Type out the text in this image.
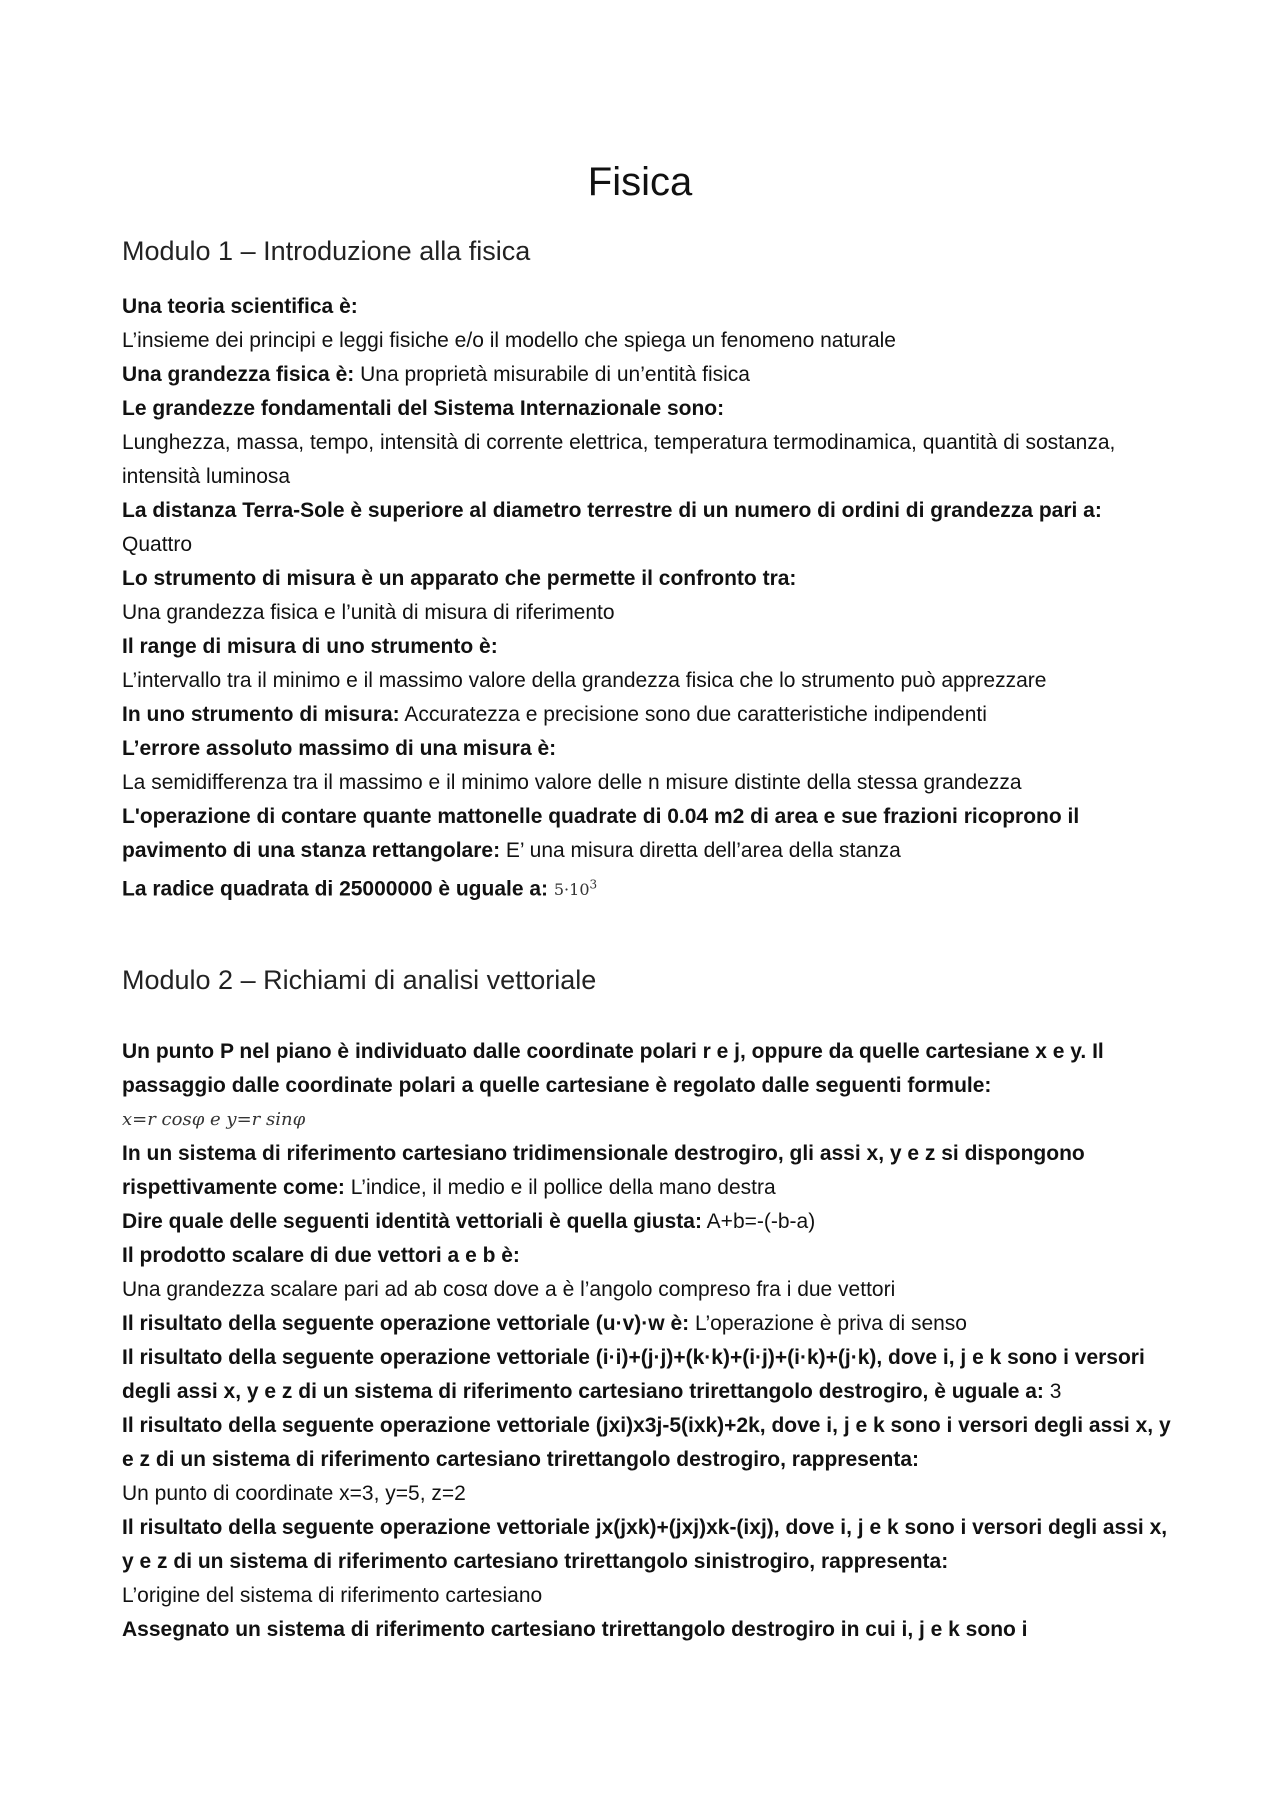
Fisica
Modulo 1 – Introduzione alla fisica

Una teoria scientifica è:

L’insieme dei principi e leggi fisiche e/o il modello che spiega un fenomeno naturale

Una grandezza fisica è: Una proprietà misurabile di un’entità fisica

Le grandezze fondamentali del Sistema Internazionale sono:

Lunghezza, massa, tempo, intensità di corrente elettrica, temperatura termodinamica, quantità di sostanza, intensità luminosa

La distanza Terra-Sole è superiore al diametro terrestre di un numero di ordini di grandezza pari a: Quattro

Lo strumento di misura è un apparato che permette il confronto tra:

Una grandezza fisica e l’unità di misura di riferimento

Il range di misura di uno strumento è:

L’intervallo tra il minimo e il massimo valore della grandezza fisica che lo strumento può apprezzare

In uno strumento di misura: Accuratezza e precisione sono due caratteristiche indipendenti

L’errore assoluto massimo di una misura è:

La semidifferenza tra il massimo e il minimo valore delle n misure distinte della stessa grandezza

L'operazione di contare quante mattonelle quadrate di 0.04 m2 di area e sue frazioni ricoprono il pavimento di una stanza rettangolare: E’ una misura diretta dell’area della stanza

La radice quadrata di 25000000 è uguale a: $5\cdot 10^3$

Modulo 2 – Richiami di analisi vettoriale

Un punto P nel piano è individuato dalle coordinate polari r e j, oppure da quelle cartesiane x e y. Il passaggio dalle coordinate polari a quelle cartesiane è regolato dalle seguenti formule:

x=r cosφ e y=r sinφ

In un sistema di riferimento cartesiano tridimensionale destrogiro, gli assi x, y e z si dispongono rispettivamente come: L’indice, il medio e il pollice della mano destra

Dire quale delle seguenti identità vettoriali è quella giusta: A+b=-(-b-a)

Il prodotto scalare di due vettori a e b è:

Una grandezza scalare pari ad ab cosα dove a è l’angolo compreso fra i due vettori

Il risultato della seguente operazione vettoriale (u·v)·w è: L’operazione è priva di senso

Il risultato della seguente operazione vettoriale (i·i)+(j·j)+(k·k)+(i·j)+(i·k)+(j·k), dove i, j e k sono i versori degli assi x, y e z di un sistema di riferimento cartesiano trirettangolo destrogiro, è uguale a: 3

Il risultato della seguente operazione vettoriale (jxi)x3j-5(ixk)+2k, dove i, j e k sono i versori degli assi x, y e z di un sistema di riferimento cartesiano trirettangolo destrogiro, rappresenta:

Un punto di coordinate x=3, y=5, z=2

Il risultato della seguente operazione vettoriale jx(jxk)+(jxj)xk-(ixj), dove i, j e k sono i versori degli assi x, y e z di un sistema di riferimento cartesiano trirettangolo sinistrogiro, rappresenta:

L’origine del sistema di riferimento cartesiano

Assegnato un sistema di riferimento cartesiano trirettangolo destrogiro in cui i, j e k sono i
